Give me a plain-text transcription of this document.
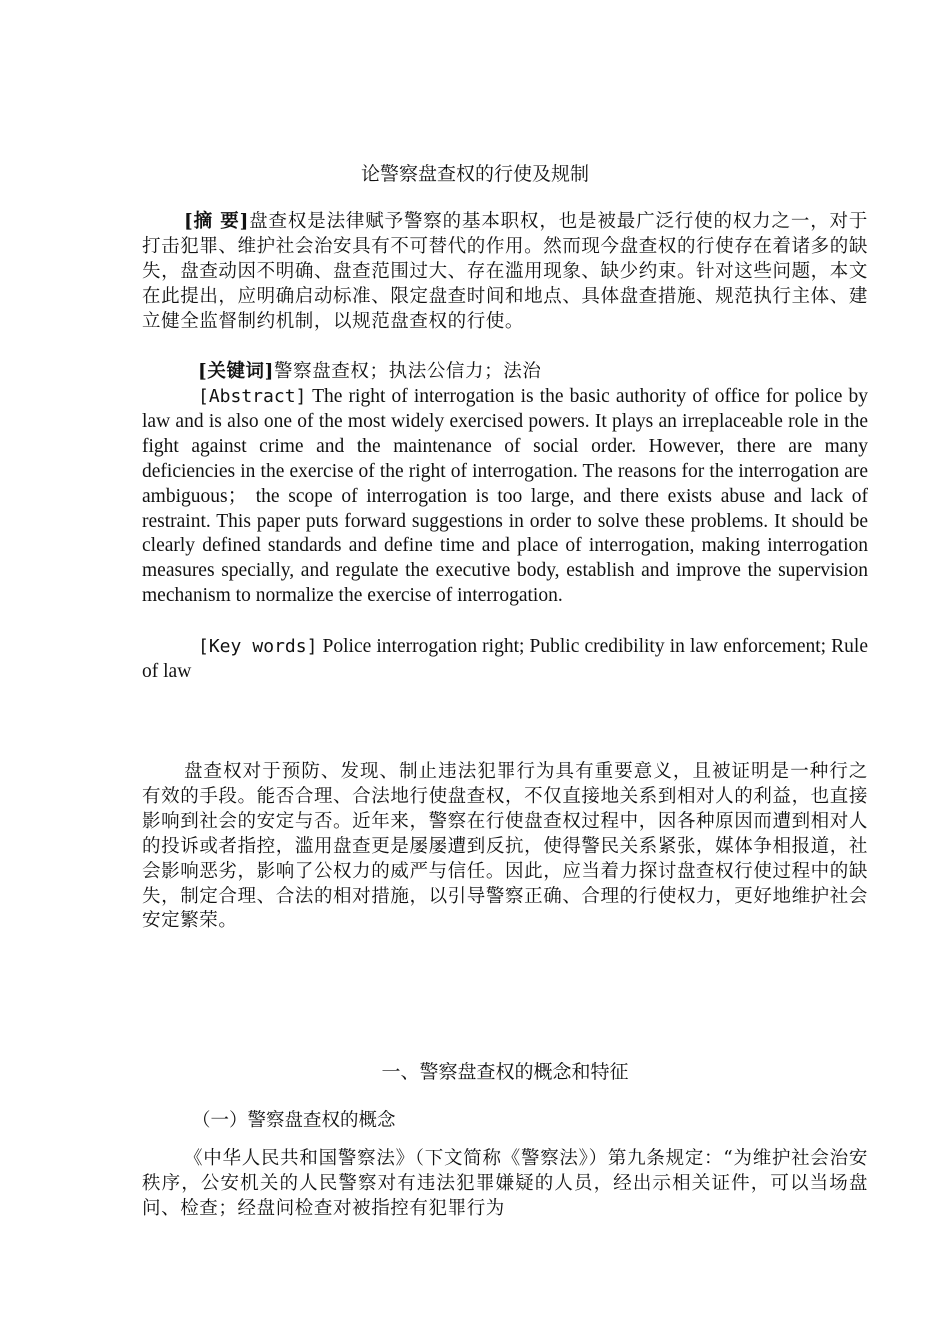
论警察盘查权的行使及规制

[摘 要]盘查权是法律赋予警察的基本职权，也是被最广泛行使的权力之一，对于打击犯罪、维护社会治安具有不可替代的作用。然而现今盘查权的行使存在着诸多的缺失，盘查动因不明确、盘查范围过大、存在滥用现象、缺少约束。针对这些问题，本文在此提出，应明确启动标准、限定盘查时间和地点、具体盘查措施、规范执行主体、建立健全监督制约机制，以规范盘查权的行使。

[关键词]警察盘查权；执法公信力；法治

[Abstract] The right of interrogation is the basic authority of office for police by law and is also one of the most widely exercised powers. It plays an irreplaceable role in the fight against crime and the maintenance of social order. However, there are many deficiencies in the exercise of the right of interrogation. The reasons for the interrogation are ambiguous； the scope of interrogation is too large, and there exists abuse and lack of restraint. This paper puts forward suggestions in order to solve these problems. It should be clearly defined standards and define time and place of interrogation, making interrogation measures specially, and regulate the executive body, establish and improve the supervision mechanism to normalize the exercise of interrogation.

[Key words] Police interrogation right; Public credibility in law enforcement; Rule of law

盘查权对于预防、发现、制止违法犯罪行为具有重要意义，且被证明是一种行之有效的手段。能否合理、合法地行使盘查权，不仅直接地关系到相对人的利益，也直接影响到社会的安定与否。近年来，警察在行使盘查权过程中，因各种原因而遭到相对人的投诉或者指控，滥用盘查更是屡屡遭到反抗，使得警民关系紧张，媒体争相报道，社会影响恶劣，影响了公权力的威严与信任。因此，应当着力探讨盘查权行使过程中的缺失，制定合理、合法的相对措施，以引导警察正确、合理的行使权力，更好地维护社会安定繁荣。

一、警察盘查权的概念和特征
（一）警察盘查权的概念

《中华人民共和国警察法》（下文简称《警察法》）第九条规定：“为维护社会治安秩序，公安机关的人民警察对有违法犯罪嫌疑的人员，经出示相关证件，可以当场盘问、检查；经盘问检查对被指控有犯罪行为
